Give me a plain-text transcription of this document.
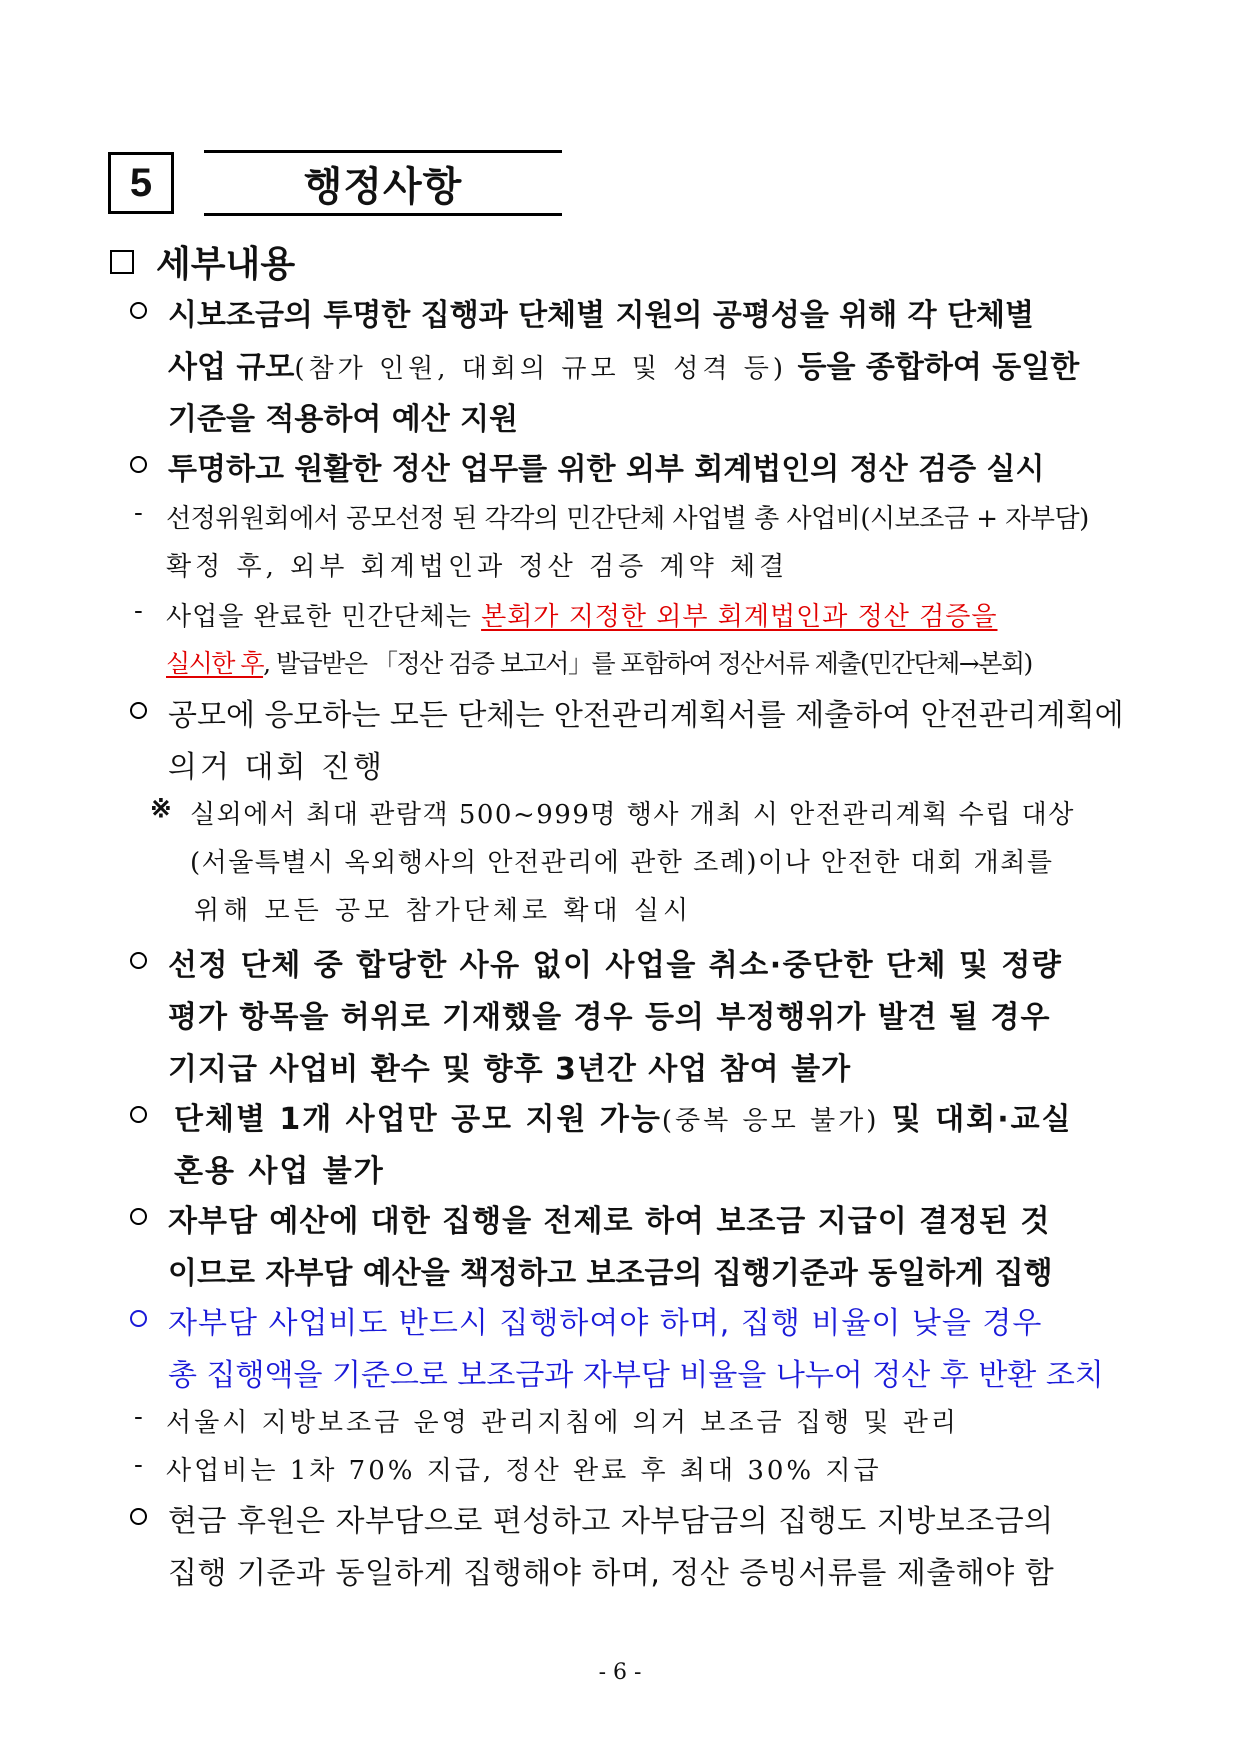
5	행정사항
세부내용
시보조금의 투명한 집행과 단체별 지원의 공평성을 위해 각 단체별
사업 규모(참가 인원, 대회의 규모 및 성격 등) 등을 종합하여 동일한
기준을 적용하여 예산 지원
투명하고 원활한 정산 업무를 위한 외부 회계법인의 정산 검증 실시
- 선정위원회에서 공모선정 된 각각의 민간단체 사업별 총 사업비(시보조금 + 자부담)
확정 후, 외부 회계법인과 정산 검증 계약 체결
- 사업을 완료한 민간단체는 본회가 지정한 외부 회계법인과 정산 검증을
실시한 후, 발급받은 「정산 검증 보고서」를 포함하여 정산서류 제출(민간단체→본회)
공모에 응모하는 모든 단체는 안전관리계획서를 제출하여 안전관리계획에
의거 대회 진행
※ 실외에서 최대 관람객 500~999명 행사 개최 시 안전관리계획 수립 대상
(서울특별시 옥외행사의 안전관리에 관한 조례)이나 안전한 대회 개최를
위해 모든 공모 참가단체로 확대 실시
선정 단체 중 합당한 사유 없이 사업을 취소·중단한 단체 및 정량
평가 항목을 허위로 기재했을 경우 등의 부정행위가 발견 될 경우
기지급 사업비 환수 및 향후 3년간 사업 참여 불가
단체별 1개 사업만 공모 지원 가능(중복 응모 불가) 및 대회·교실
혼용 사업 불가
자부담 예산에 대한 집행을 전제로 하여 보조금 지급이 결정된 것
이므로 자부담 예산을 책정하고 보조금의 집행기준과 동일하게 집행
자부담 사업비도 반드시 집행하여야 하며, 집행 비율이 낮을 경우
총 집행액을 기준으로 보조금과 자부담 비율을 나누어 정산 후 반환 조치
- 서울시 지방보조금 운영 관리지침에 의거 보조금 집행 및 관리
- 사업비는 1차 70% 지급, 정산 완료 후 최대 30% 지급
현금 후원은 자부담으로 편성하고 자부담금의 집행도 지방보조금의
집행 기준과 동일하게 집행해야 하며, 정산 증빙서류를 제출해야 함
- 6 -
